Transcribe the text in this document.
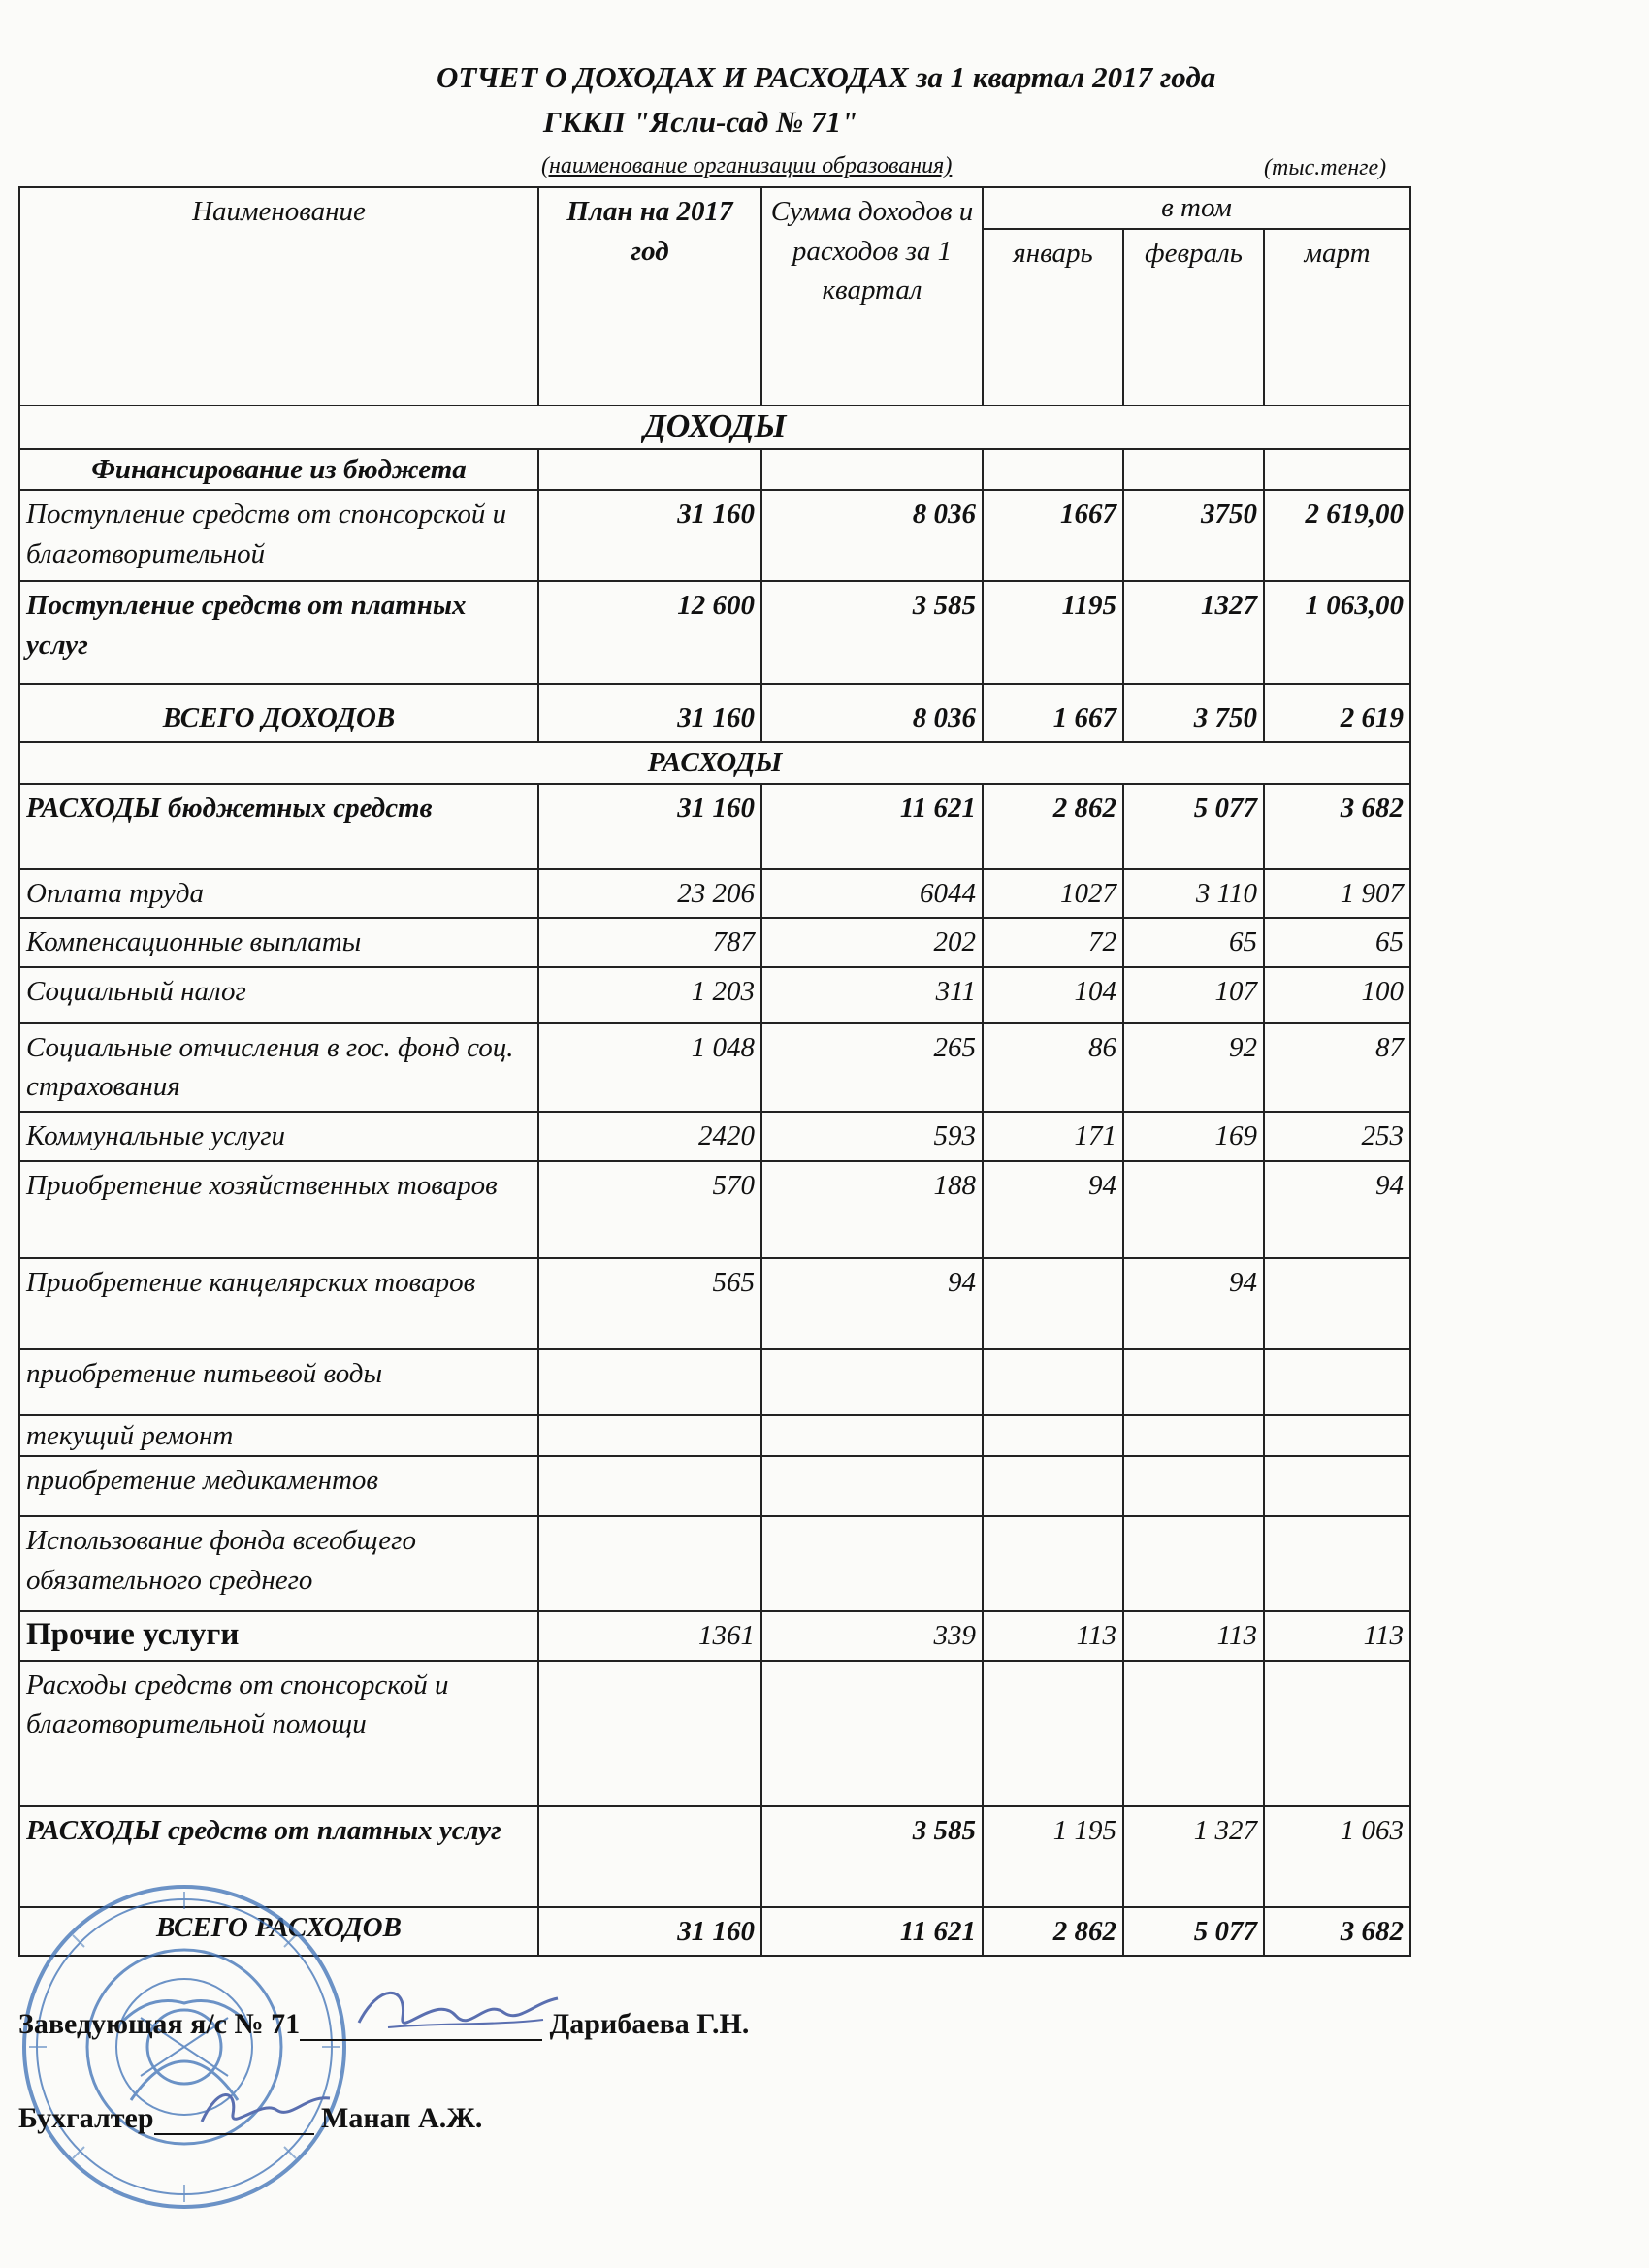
ОТЧЕТ О ДОХОДАХ И РАСХОДАХ за 1 квартал 2017 года
ГККП "Ясли-сад № 71"
(наименование организации образования)	(тыс.тенге)
Наименование	План на 2017 год	Сумма доходов и расходов за 1 квартал	в том		
			январь	февраль	март
ДОХОДЫ					
Финансирование из бюджета					
Поступление средств от спонсорской и благотворительной	31 160	8 036	1667	3750	2 619,00
Поступление средств от платных услуг	12 600	3 585	1195	1327	1 063,00
ВСЕГО ДОХОДОВ	31 160	8 036	1 667	3 750	2 619
РАСХОДЫ					
РАСХОДЫ бюджетных средств	31 160	11 621	2 862	5 077	3 682
Оплата труда	23 206	6044	1027	3 110	1 907
Компенсационные выплаты	787	202	72	65	65
Социальный налог	1 203	311	104	107	100
Социальные отчисления в гос. фонд соц. страхования	1 048	265	86	92	87
Коммунальные услуги	2420	593	171	169	253
Приобретение хозяйственных товаров	570	188	94		94
Приобретение канцелярских товаров	565	94		94	
приобретение питьевой воды					
текущий ремонт					
приобретение медикаментов					
Использование фонда всеобщего обязательного среднего					
Прочие услуги	1361	339	113	113	113
Расходы средств от спонсорской и благотворительной помощи					
РАСХОДЫ средств от платных услуг		3 585	1 195	1 327	1 063
ВСЕГО РАСХОДОВ	31 160	11 621	2 862	5 077	3 682
Заведующая я/с № 71	Дарибаева Г.Н.
Бухгалтер	Манап А.Ж.
